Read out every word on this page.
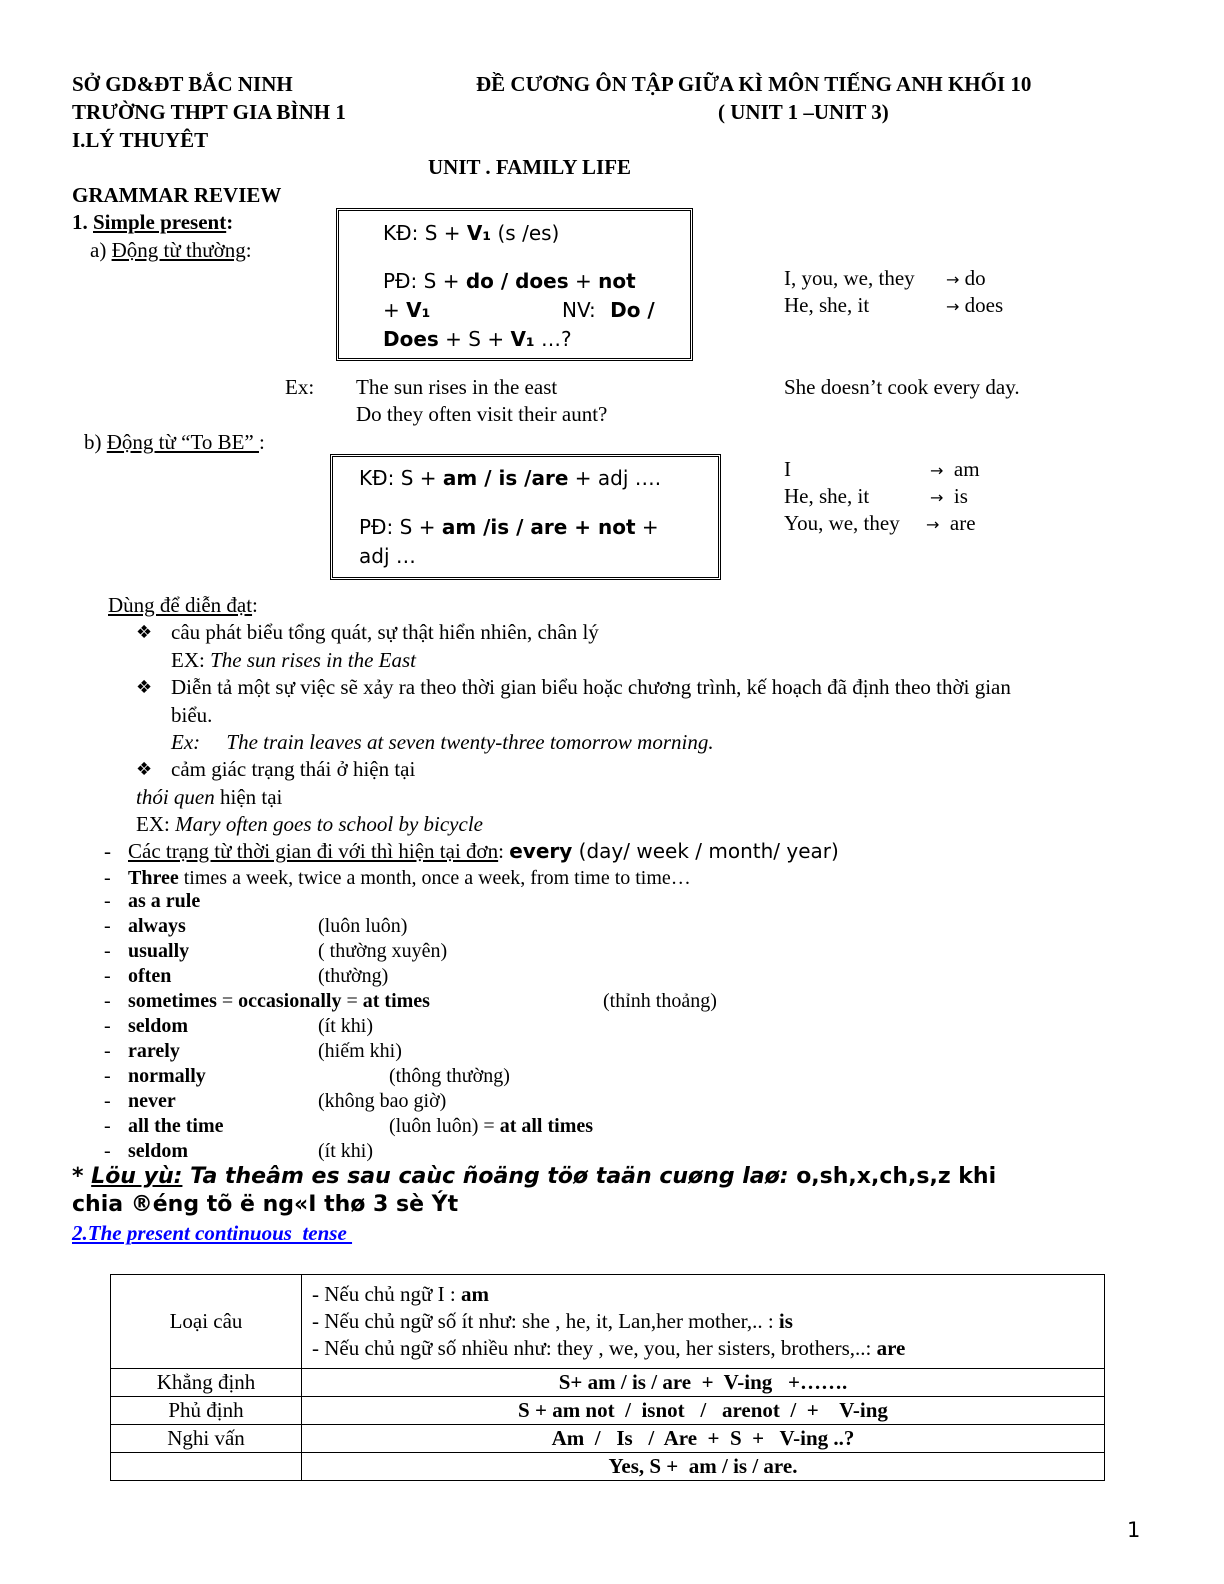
SỞ GD&ĐT BẮC NINH
TRƯỜNG THPT GIA BÌNH 1
ĐỀ CƯƠNG ÔN TẬP GIỮA KÌ MÔN TIẾNG ANH KHỐI 10
( UNIT 1 –UNIT 3)
I.LÝ THUYÊT
UNIT . FAMILY LIFE
GRAMMAR REVIEW
1. Simple present:
a) Động từ thường:
KĐ: S + V₁ (s /es)
PĐ: S + do / does + not
+ V₁	NV: Do /
Does + S + V₁ …?
I, you, we, they → do
He, she, it	→ does
Ex: The sun rises in the east
Do they often visit their aunt?
She doesn’t cook every day.
b) Động từ “To BE” :
KĐ: S + am / is /are + adj ….
PĐ: S + am /is / are + not +
adj …
I	→ am
He, she, it	→ is
You, we, they → are
Dùng để diễn đạt:
❖ câu phát biểu tổng quát, sự thật hiển nhiên, chân lý
EX: The sun rises in the East
❖ Diễn tả một sự việc sẽ xảy ra theo thời gian biểu hoặc chương trình, kế hoạch đã định theo thời gian
biểu.
Ex:     The train leaves at seven twenty-three tomorrow morning.
❖ cảm giác trạng thái ở hiện tại
thói quen hiện tại
EX: Mary often goes to school by bicycle
- Các trạng từ thời gian đi với thì hiện tại đơn: every (day/ week / month/ year)
- Three times a week, twice a month, once a week, from time to time…
- as a rule
- always	(luôn luôn)
- usually	( thường xuyên)
- often	(thường)
- sometimes = occasionally = at times	(thỉnh thoảng)
- seldom	(ít khi)
- rarely	(hiếm khi)
- normally	(thông thường)
- never	(không bao giờ)
- all the time	(luôn luôn) = at all times
- seldom	(ít khi)
* Löu yù: Ta theâm es sau caùc ñoäng töø taän cuøng laø: o,sh,x,ch,s,z khi
chia ®éng tõ ë ng«I thø 3 sè Ýt
2.The present continuous  tense
Loại câu	- Nếu chủ ngữ I : am
- Nếu chủ ngữ số ít như: she , he, it, Lan,her mother,.. : is
- Nếu chủ ngữ số nhiều như: they , we, you, her sisters, brothers,..: are

Khẳng định	S+ am / is / are  +  V-ing   +…….
Phủ định	S + am not  /  isnot   /   arenot  /  +    V-ing
Nghi vấn	Am  /   Is   /  Are  +  S  +   V-ing ..?
	Yes, S +  am / is / are.
1
